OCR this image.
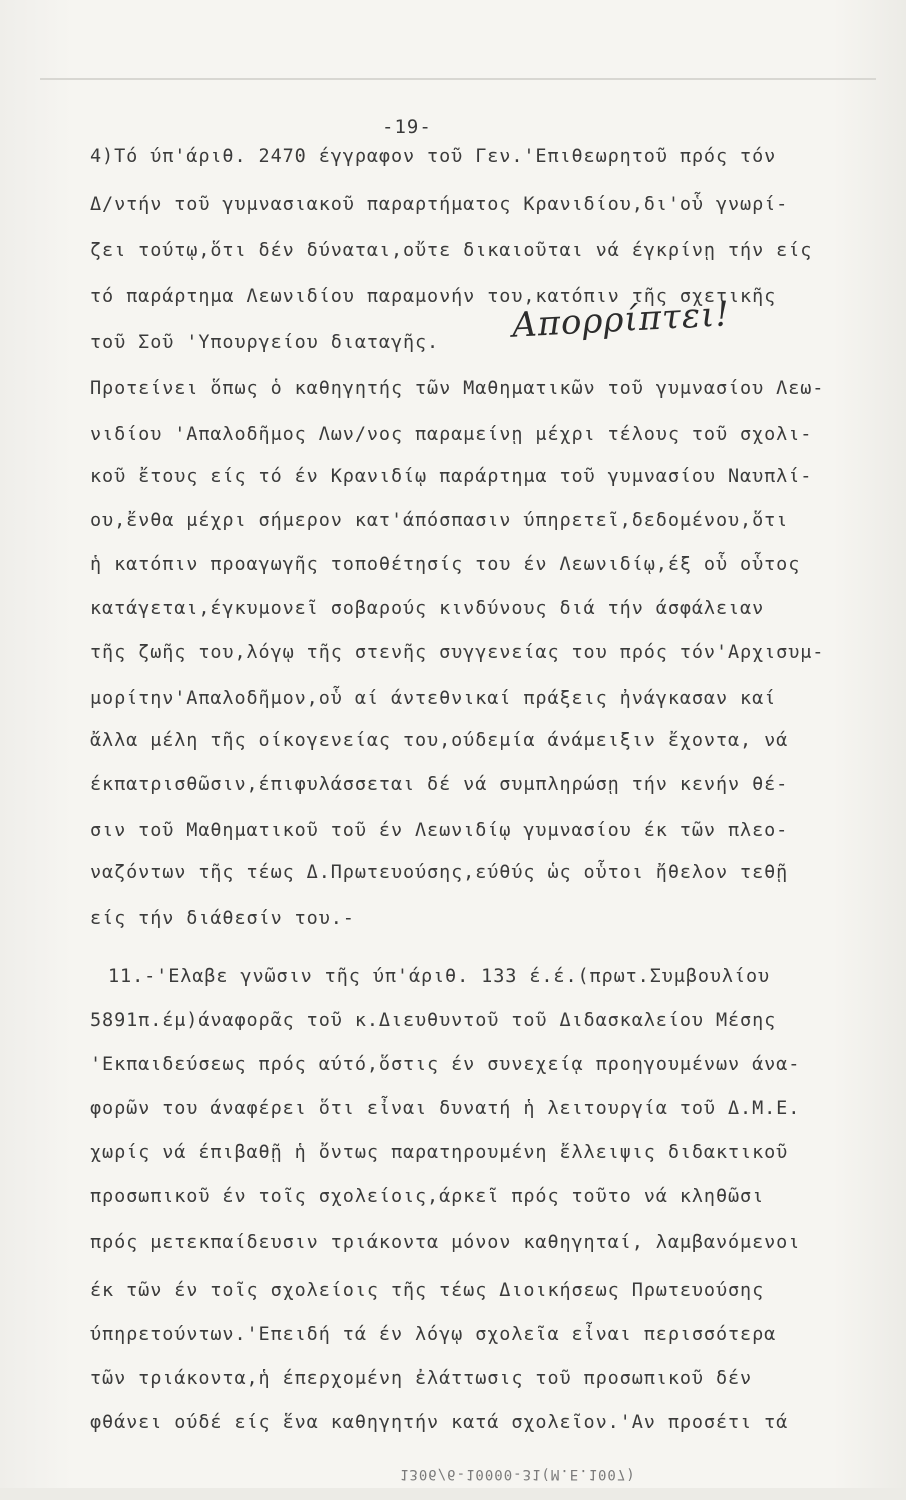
-19-
4)Τό ύπ'άριθ. 2470 έγγραφον τοῦ Γεν.'Επιθεωρητοῦ πρός τόν
Δ/ντήν τοῦ γυμνασιακοῦ παραρτήματος Κρανιδίου,δι'οὗ γνωρί-
ζει τούτῳ,ὅτι δέν δύναται,οὔτε δικαιοῦται νά έγκρίνῃ τήν είς
τό παράρτημα Λεωνιδίου παραμονήν του,κατόπιν τῆς σχετικῆς
τοῦ Σοῦ 'Υπουργείου διαταγῆς. Απορρίπτει!
Προτείνει ὅπως ὁ καθηγητής τῶν Μαθηματικῶν τοῦ γυμνασίου Λεω-
νιδίου 'Απαλοδῆμος Λων/νος παραμείνῃ μέχρι τέλους τοῦ σχολι-
κοῦ ἔτους είς τό έν Κρανιδίῳ παράρτημα τοῦ γυμνασίου Ναυπλί-
ου,ἔνθα μέχρι σήμερον κατ'άπόσπασιν ύπηρετεῖ,δεδομένου,ὅτι
ἡ κατόπιν προαγωγῆς τοποθέτησίς του έν Λεωνιδίῳ,έξ οὗ οὗτος
κατάγεται,έγκυμονεῖ σοβαρούς κινδύνους διά τήν άσφάλειαν
τῆς ζωῆς του,λόγῳ τῆς στενῆς συγγενείας του πρός τόν'Αρχισυμ-
μορίτην'Απαλοδῆμον,οὗ αί άντεθνικαί πράξεις ἠνάγκασαν καί
ἄλλα μέλη τῆς οίκογενείας του,ούδεμία άνάμειξιν ἔχοντα, νά
έκπατρισθῶσιν,έπιφυλάσσεται δέ νά συμπληρώσῃ τήν κενήν θέ-
σιν τοῦ Μαθηματικοῦ τοῦ έν Λεωνιδίῳ γυμνασίου έκ τῶν πλεο-
ναζόντων τῆς τέως Δ.Πρωτευούσης,εύθύς ὡς οὗτοι ἤθελον τεθῇ
είς τήν διάθεσίν του.-
11.-'Ελαβε γνῶσιν τῆς ύπ'άριθ. 133 έ.έ.(πρωτ.Συμβουλίου
5891π.έμ)άναφορᾶς τοῦ κ.Διευθυντοῦ τοῦ Διδασκαλείου Μέσης
'Εκπαιδεύσεως πρός αύτό,ὅστις έν συνεχείᾳ προηγουμένων άνα-
φορῶν του άναφέρει ὅτι εἶναι δυνατή ἡ λειτουργία τοῦ Δ.Μ.Ε.
χωρίς νά έπιβαθῇ ἡ ὄντως παρατηρουμένη ἔλλειψις διδακτικοῦ
προσωπικοῦ έν τοῖς σχολείοις,άρκεῖ πρός τοῦτο νά κληθῶσι
πρός μετεκπαίδευσιν τριάκοντα μόνον καθηγηταί, λαμβανόμενοι
έκ τῶν έν τοῖς σχολείοις τῆς τέως Διοικήσεως Πρωτευούσης
ύπηρετούντων.'Επειδή τά έν λόγῳ σχολεῖα εἶναι περισσότερα
τῶν τριάκοντα,ἡ έπερχομένη ἐλάττωσις τοῦ προσωπικοῦ δέν
φθάνει ούδέ είς ἕνα καθηγητήν κατά σχολεῖον.'Αν προσέτι τά
1306/6-10000-31(Μ.Ε.1007)
